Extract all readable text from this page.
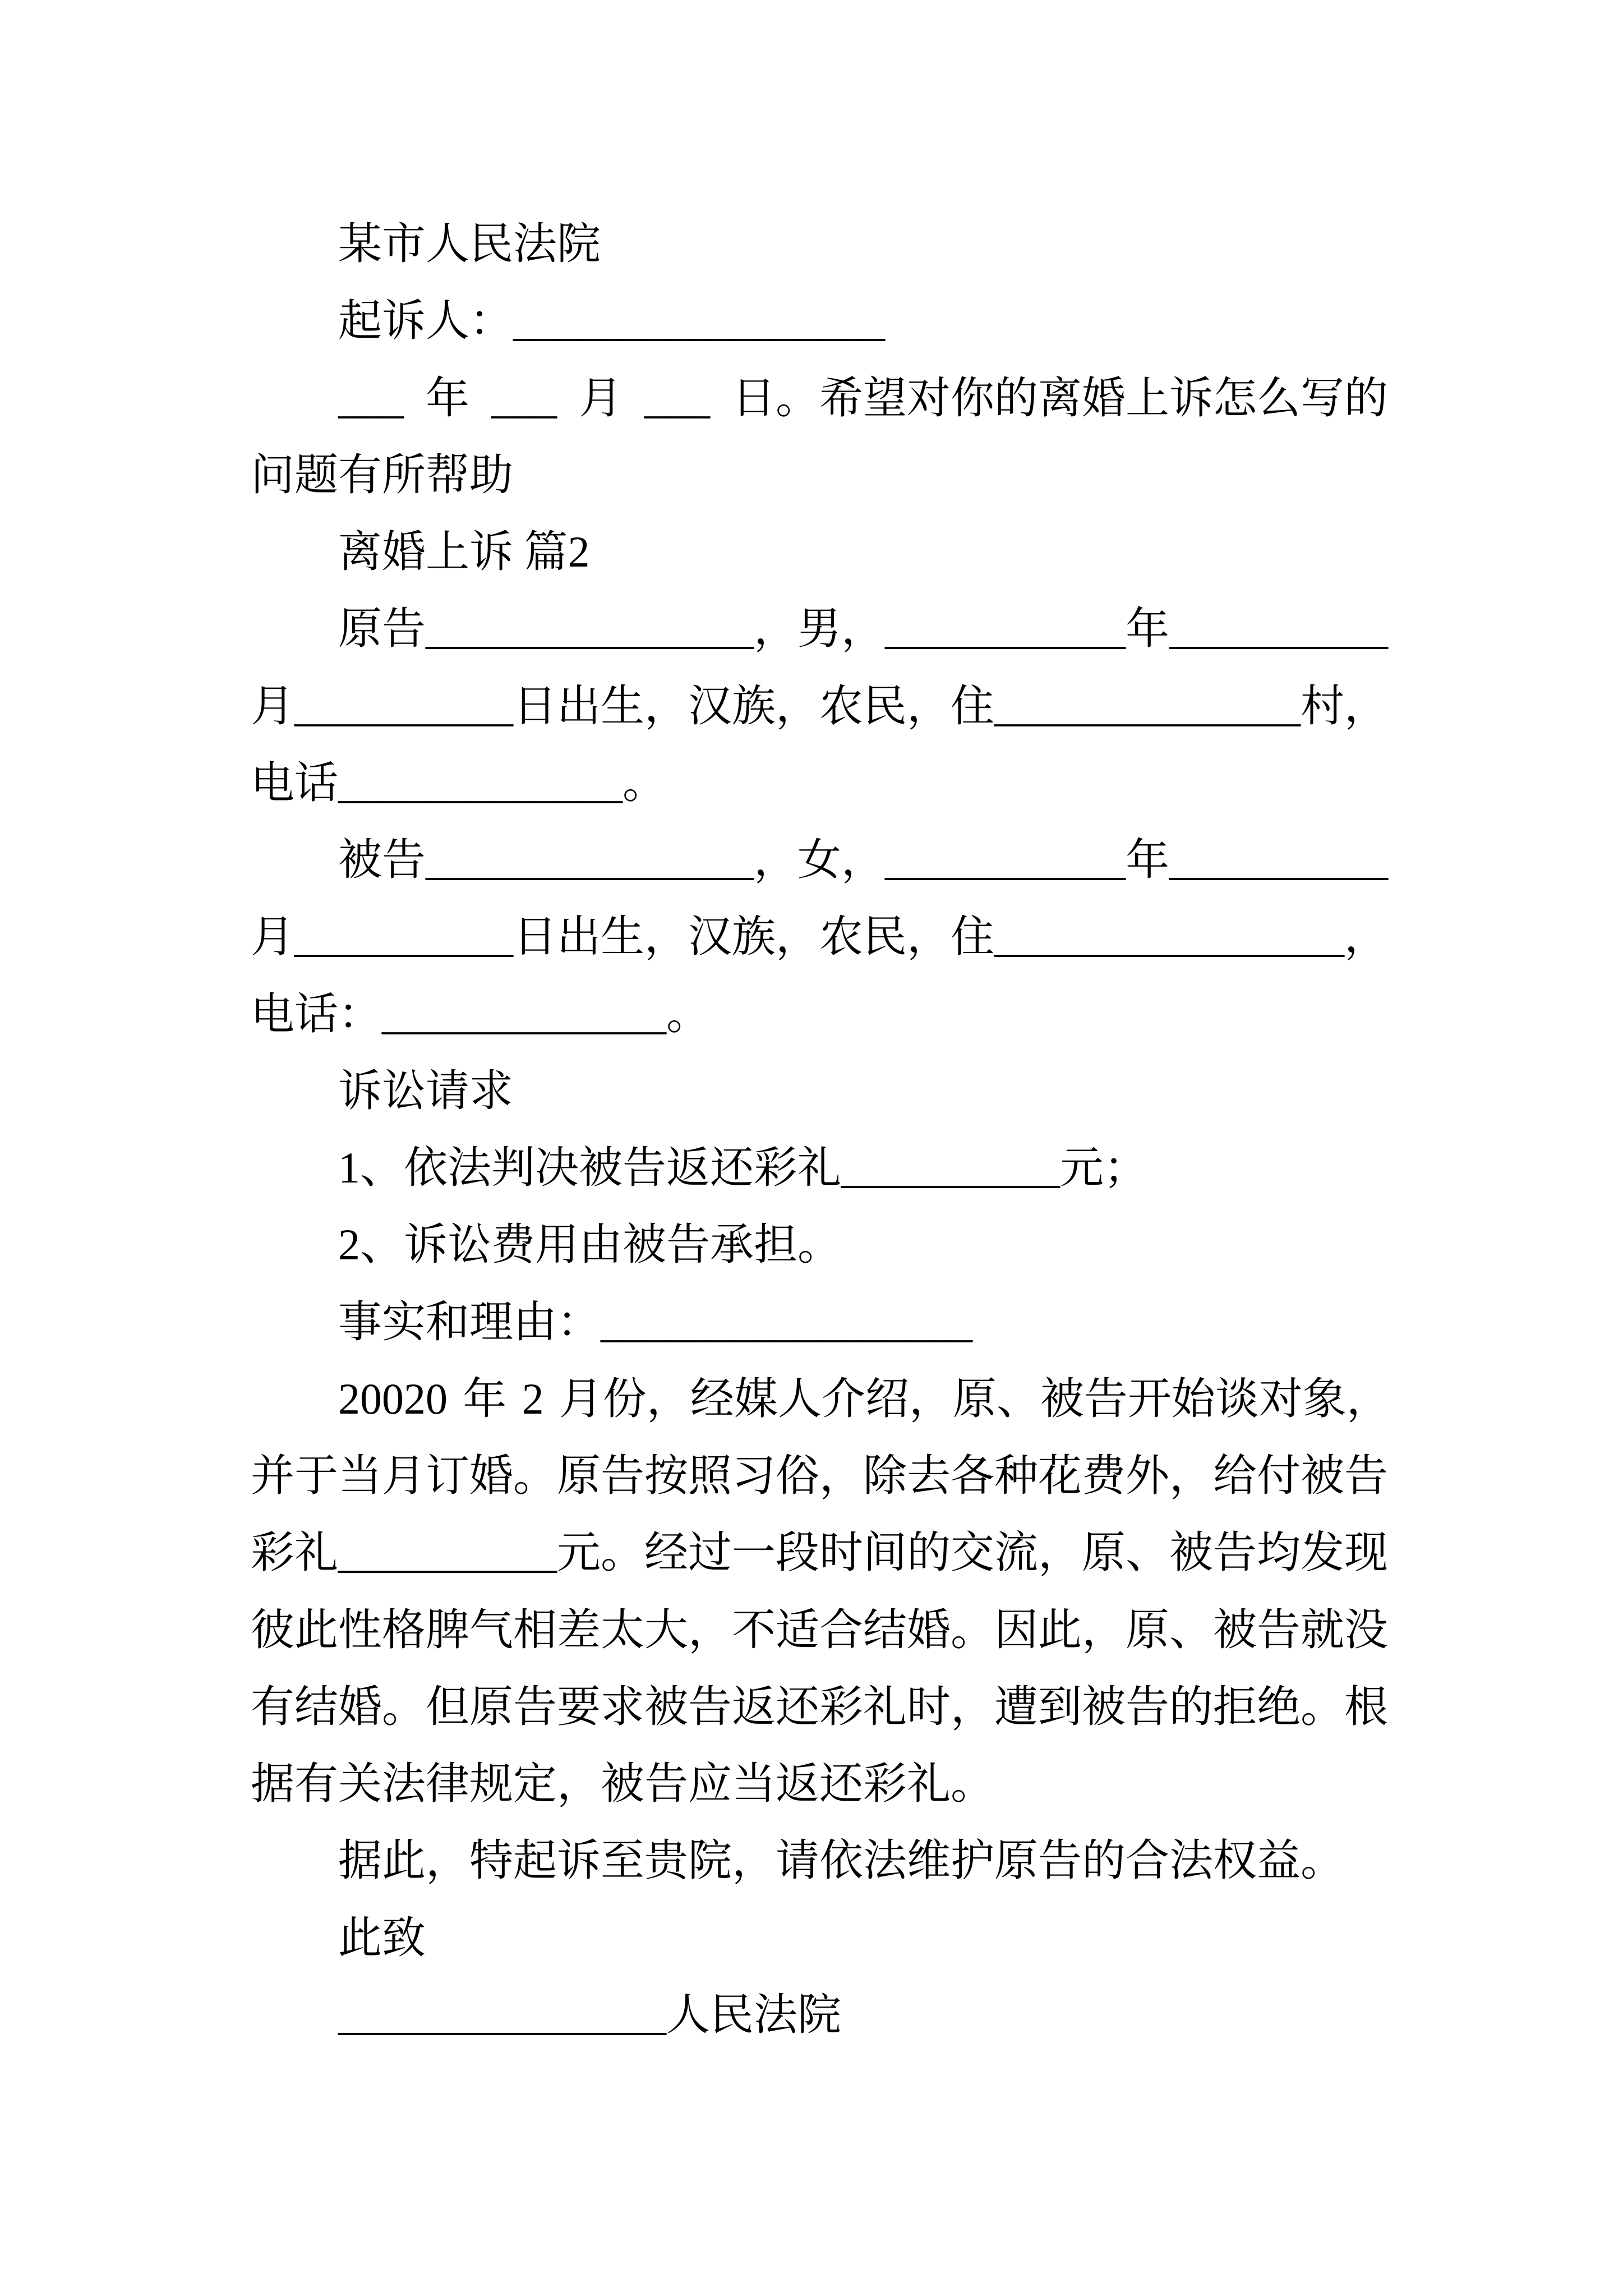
某市人民法院
起诉人：_________________
___ 年 ___ 月 ___ 日。希望对你的离婚上诉怎么写的
问题有所帮助
离婚上诉 篇2
原告_______________，男，___________年__________
月__________日出生，汉族，农民，住______________村，
电话_____________。
被告_______________，女，___________年__________
月__________日出生，汉族，农民，住________________，
电话：_____________。
诉讼请求
1、依法判决被告返还彩礼__________元；
2、诉讼费用由被告承担。
事实和理由：_________________
20020 年 2 月份，经媒人介绍，原、被告开始谈对象，
并于当月订婚。原告按照习俗，除去各种花费外，给付被告
彩礼__________元。经过一段时间的交流，原、被告均发现
彼此性格脾气相差太大，不适合结婚。因此，原、被告就没
有结婚。但原告要求被告返还彩礼时，遭到被告的拒绝。根
据有关法律规定，被告应当返还彩礼。
据此，特起诉至贵院，请依法维护原告的合法权益。
此致
_______________人民法院
